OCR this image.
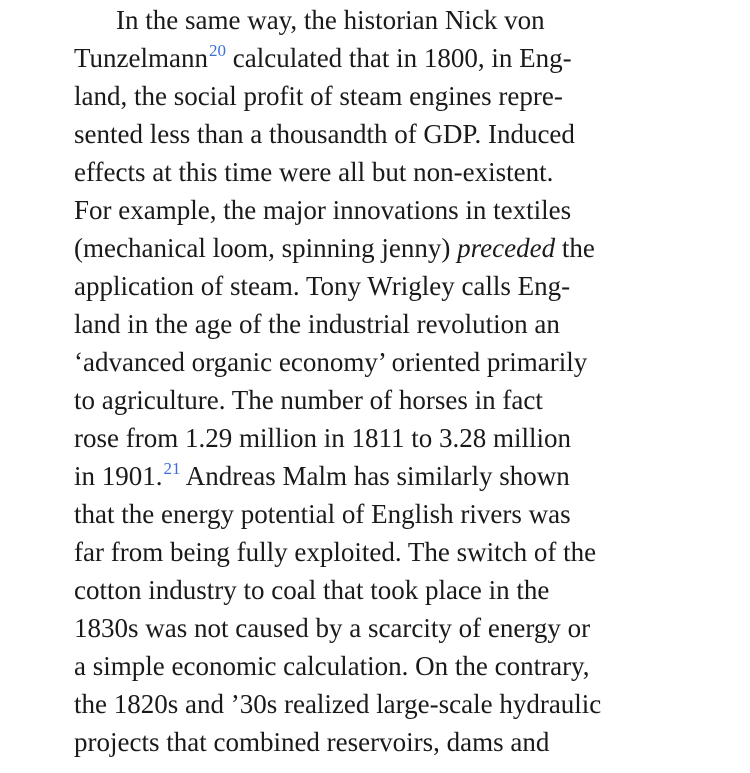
In the same way, the historian Nick von

Tunzelmann$^{20}$ calculated that in 1800, in Eng-

land, the social profit of steam engines repre-

sented less than a thousandth of GDP. Induced

effects at this time were all but non-existent.

For example, the major innovations in textiles

(mechanical loom, spinning jenny) preceded the

application of steam. Tony Wrigley calls Eng-

land in the age of the industrial revolution an

‘advanced organic economy’ oriented primarily

to agriculture. The number of horses in fact

rose from 1.29 million in 1811 to 3.28 million

in 1901.21 Andreas Malm has similarly shown

that the energy potential of English rivers was

far from being fully exploited. The switch of the

cotton industry to coal that took place in the

1830s was not caused by a scarcity of energy or

a simple economic calculation. On the contrary,

the 1820s and ’30s realized large-scale hydraulic

projects that combined reservoirs, dams and
